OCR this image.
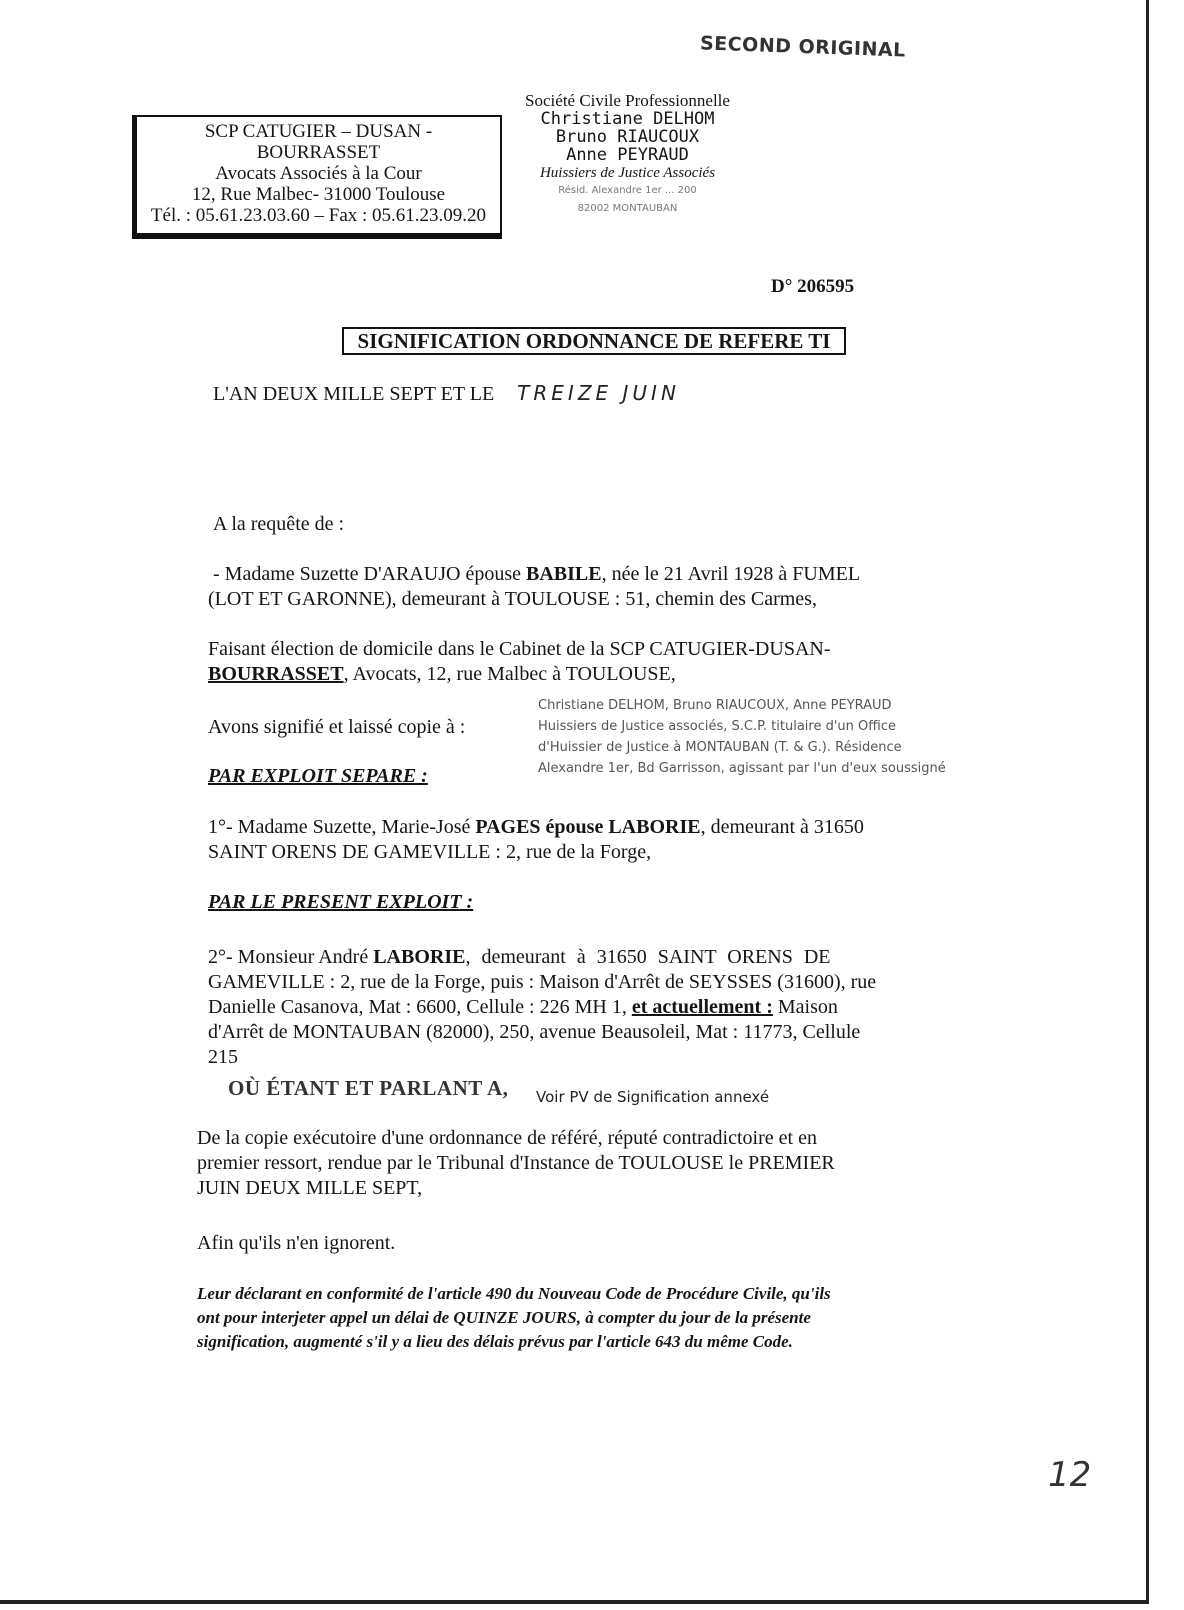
SECOND ORIGINAL
SCP CATUGIER – DUSAN -
BOURRASSET
Avocats Associés à la Cour
12, Rue Malbec- 31000 Toulouse
Tél. : 05.61.23.03.60 – Fax : 05.61.23.09.20
Société Civile Professionnelle
Christiane DELHOM
Bruno RIAUCOUX
Anne PEYRAUD
Huissiers de Justice Associés
Résid. Alexandre 1er ... 200
82002 MONTAUBAN
D° 206595
SIGNIFICATION ORDONNANCE DE REFERE TI
L'AN DEUX MILLE SEPT ET LE TREIZE JUIN
A la requête de :
- Madame Suzette D'ARAUJO épouse BABILE, née le 21 Avril 1928 à FUMEL
(LOT ET GARONNE), demeurant à TOULOUSE : 51, chemin des Carmes,
Faisant élection de domicile dans le Cabinet de la SCP CATUGIER-DUSAN-
BOURRASSET, Avocats, 12, rue Malbec à TOULOUSE,
Avons signifié et laissé copie à :
Christiane DELHOM, Bruno RIAUCOUX, Anne PEYRAUD
Huissiers de Justice associés, S.C.P. titulaire d'un Office
d'Huissier de Justice à MONTAUBAN (T. & G.). Résidence
Alexandre 1er, Bd Garrisson, agissant par l'un d'eux soussigné
PAR EXPLOIT SEPARE :
1°- Madame Suzette, Marie-José PAGES épouse LABORIE, demeurant à 31650
SAINT ORENS DE GAMEVILLE : 2, rue de la Forge,
PAR LE PRESENT EXPLOIT :
2°- Monsieur André LABORIE, demeurant à 31650 SAINT ORENS DE
GAMEVILLE : 2, rue de la Forge, puis : Maison d'Arrêt de SEYSSES (31600), rue
Danielle Casanova, Mat : 6600, Cellule : 226 MH 1, et actuellement : Maison
d'Arrêt de MONTAUBAN (82000), 250, avenue Beausoleil, Mat : 11773, Cellule
215
OÙ ÉTANT ET PARLANT A, Voir PV de Signification annexé
De la copie exécutoire d'une ordonnance de référé, réputé contradictoire et en
premier ressort, rendue par le Tribunal d'Instance de TOULOUSE le PREMIER
JUIN DEUX MILLE SEPT,
Afin qu'ils n'en ignorent.
Leur déclarant en conformité de l'article 490 du Nouveau Code de Procédure Civile, qu'ils
ont pour interjeter appel un délai de QUINZE JOURS, à compter du jour de la présente
signification, augmenté s'il y a lieu des délais prévus par l'article 643 du même Code.
12
